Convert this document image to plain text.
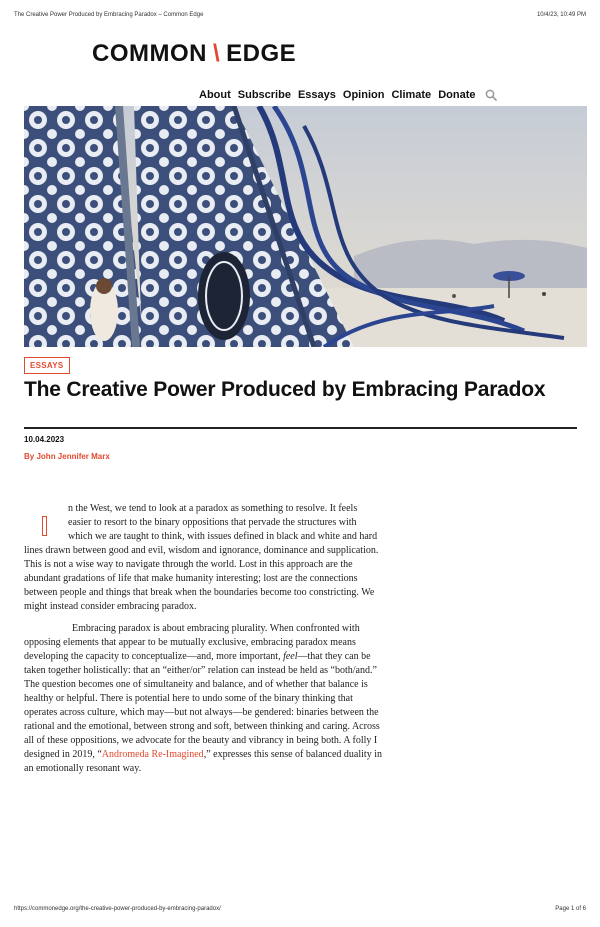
The Creative Power Produced by Embracing Paradox – Common Edge	10/4/23, 10:49 PM
COMMON \ EDGE
About Subscribe Essays Opinion Climate Donate
ESSAYS
The Creative Power Produced by Embracing Paradox
10.04.2023
By John Jennifer Marx

n the West, we tend to look at a paradox as something to resolve. It feels easier to resort to the binary oppositions that pervade the structures with which we are taught to think, with issues defined in black and white and hard lines drawn between good and evil, wisdom and ignorance, dominance and supplication. This is not a wise way to navigate through the world. Lost in this approach are the abundant gradations of life that make humanity interesting; lost are the connections between people and things that break when the boundaries become too constricting. We might instead consider embracing paradox.

Embracing paradox is about embracing plurality. When confronted with opposing elements that appear to be mutually exclusive, embracing paradox means developing the capacity to conceptualize—and, more important, feel—that they can be taken together holistically: that an “either/or” relation can instead be held as “both/and.” The question becomes one of simultaneity and balance, and of whether that balance is healthy or helpful. There is potential here to undo some of the binary thinking that operates across culture, which may—but not always—be gendered: binaries between the rational and the emotional, between strong and soft, between thinking and caring. Across all of these oppositions, we advocate for the beauty and vibrancy in being both. A folly I designed in 2019, “Andromeda Re-Imagined,” expresses this sense of balanced duality in an emotionally resonant way.

https://commonedge.org/the-creative-power-produced-by-embracing-paradox/	Page 1 of 6
